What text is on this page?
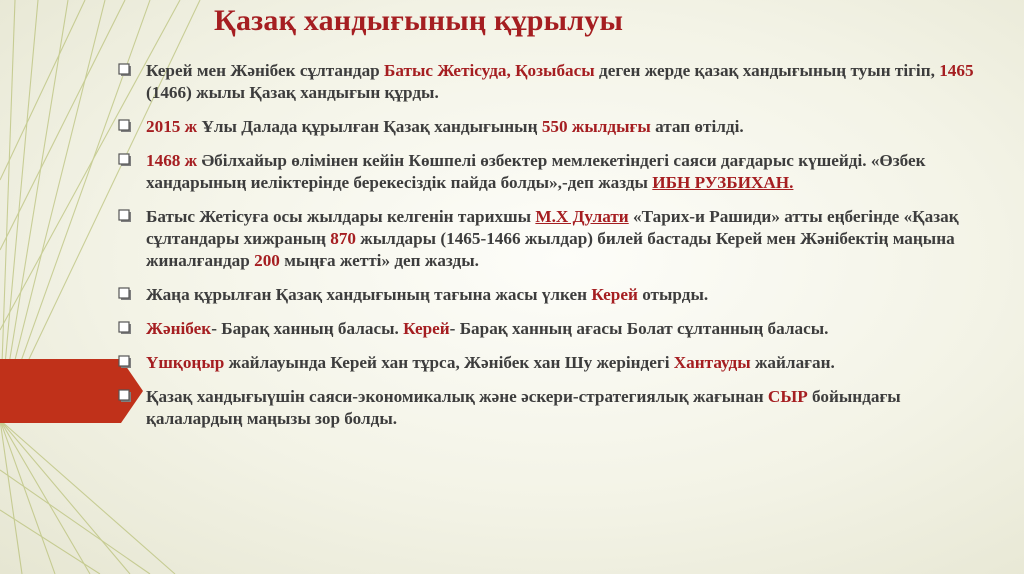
Қазақ хандығының құрылуы

Керей мен Жәнібек сұлтандар Батыс Жетісуда, Қозыбасы деген жерде қазақ хандығының туын тігіп, 1465 (1466) жылы Қазақ хандығын құрды.

2015 ж Ұлы Далада құрылған Қазақ хандығының 550 жылдығы атап өтілді.

1468 ж Әбілхайыр өлімінен кейін Көшпелі өзбектер мемлекетіндегі саяси дағдарыс күшейді. «Өзбек хандарының иеліктерінде берекесіздік пайда болды»,-деп жазды ИБН РУЗБИХАН.

Батыс Жетісуға осы жылдары келгенін тарихшы М.Х Дулати «Тарих-и Рашиди» атты еңбегінде «Қазақ сұлтандары хижраның 870 жылдары (1465-1466 жылдар) билей бастады Керей мен Жәнібектің маңына жиналғандар 200 мыңға жетті» деп жазды.

Жаңа құрылған Қазақ хандығының тағына жасы үлкен Керей отырды.

Жәнібек- Барақ ханның баласы. Керей- Барақ ханның ағасы Болат сұлтанның баласы.

Үшқоңыр жайлауында Керей хан тұрса, Жәнібек хан Шу жеріндегі Хантауды жайлаған.

Қазақ хандығыүшін саяси-экономикалық және әскери-стратегиялық жағынан СЫР бойындағы қалалардың маңызы зор болды.
